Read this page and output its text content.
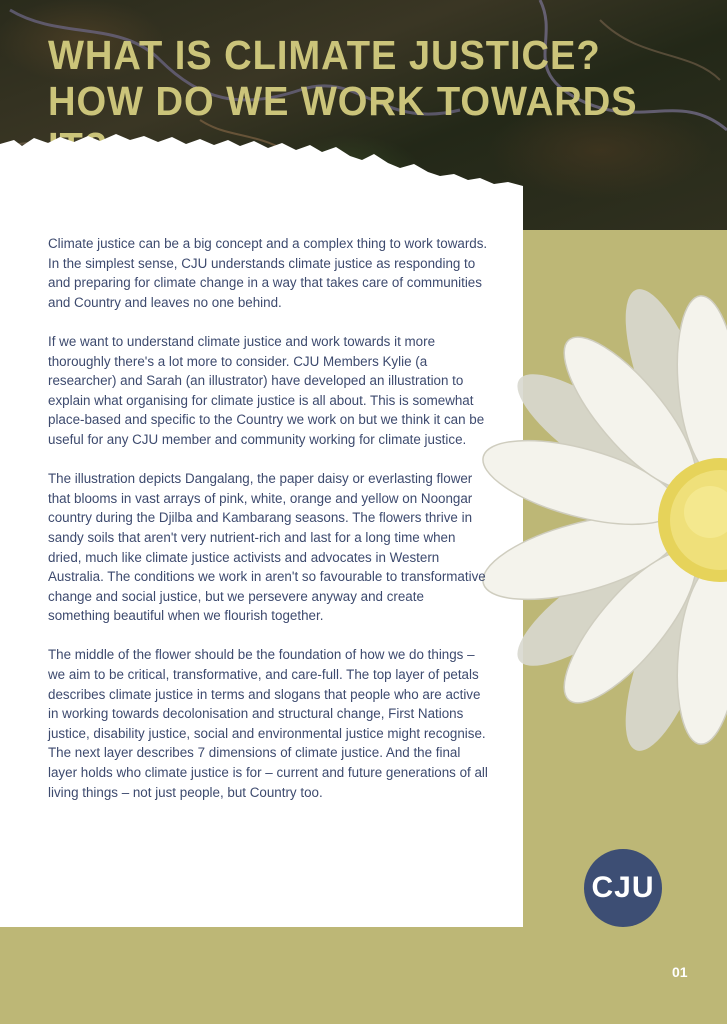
WHAT IS CLIMATE JUSTICE?
HOW DO WE WORK TOWARDS

Climate justice can be a big concept and a complex thing to work towards. In the simplest sense, CJU understands climate justice as responding to and preparing for climate change in a way that takes care of communities and Country and leaves no one behind.

If we want to understand climate justice and work towards it more thoroughly there's a lot more to consider. CJU Members Kylie (a researcher) and Sarah (an illustrator) have developed an illustration to explain what organising for climate justice is all about. This is somewhat place-based and specific to the Country we work on but we think it can be useful for any CJU member and community working for climate justice.

The illustration depicts Dangalang, the paper daisy or everlasting flower that blooms in vast arrays of pink, white, orange and yellow on Noongar country during the Djilba and Kambarang seasons. The flowers thrive in sandy soils that aren't very nutrient-rich and last for a long time when dried, much like climate justice activists and advocates in Western Australia. The conditions we work in aren't so favourable to transformative change and social justice, but we persevere anyway and create something beautiful when we flourish together.

The middle of the flower should be the foundation of how we do things – we aim to be critical, transformative, and care-full. The top layer of petals describes climate justice in terms and slogans that people who are active in working towards decolonisation and structural change, First Nations justice, disability justice, social and environmental justice might recognise. The next layer describes 7 dimensions of climate justice. And the final layer holds who climate justice is for – current and future generations of all living things – not just people, but Country too.

CJU
01
